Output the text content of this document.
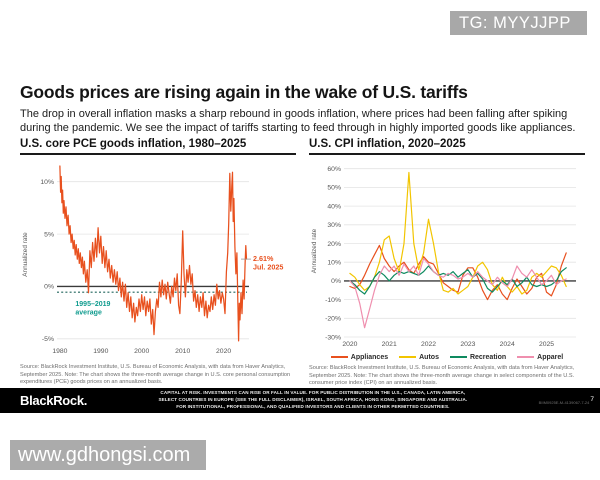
TG: MYYJJPP
Goods prices are rising again in the wake of U.S. tariffs

The drop in overall inflation masks a sharp rebound in goods inflation, where prices had been falling after spiking during the pandemic. We see the impact of tariffs starting to feed through in highly imported goods like appliances.

U.S. core PCE goods inflation, 1980–2025
10%
5%
0%
-5%
1980	1990	2000	2010	2020
Annualized rate
1995–2019 average
2.61% Jul. 2025
Source: BlackRock Investment Institute, U.S. Bureau of Economic Analysis, with data from Haver Analytics, September 2025. Note: The chart shows the three-month average change in U.S. core personal consumption expenditures (PCE) goods prices on an annualized basis.
U.S. CPI inflation, 2020–2025
60%
50%
40%
30%
20%
10%
0%
-10%
-20%
-30%
2020	2021	2022	2023	2024	2025
Annualized rate
Appliances	Autos	Recreation	Apparel
Source: BlackRock Investment Institute, U.S. Bureau of Economic Analysis, with data from Haver Analytics, September 2025. Note: The chart shows the three-month average change in select components of the U.S. consumer price index (CPI) on an annualized basis.
BlackRock.
CAPITAL AT RISK. INVESTMENTS CAN RISE OR FALL IN VALUE. FOR PUBLIC DISTRIBUTION IN THE U.S., CANADA, LATIN AMERICA,
SELECT COUNTRIES IN EUROPE (SEE THE FULL DISCLAIMER), ISRAEL, SOUTH AFRICA, HONG KONG, SINGAPORE AND AUSTRALIA.
FOR INSTITUTIONAL, PROFESSIONAL, AND QUALIFIED INVESTORS AND CLIENTS IN OTHER PERMITTED COUNTRIES.
BIIM0925E-M-4139067-7-24 7
www.gdhongsi.com
